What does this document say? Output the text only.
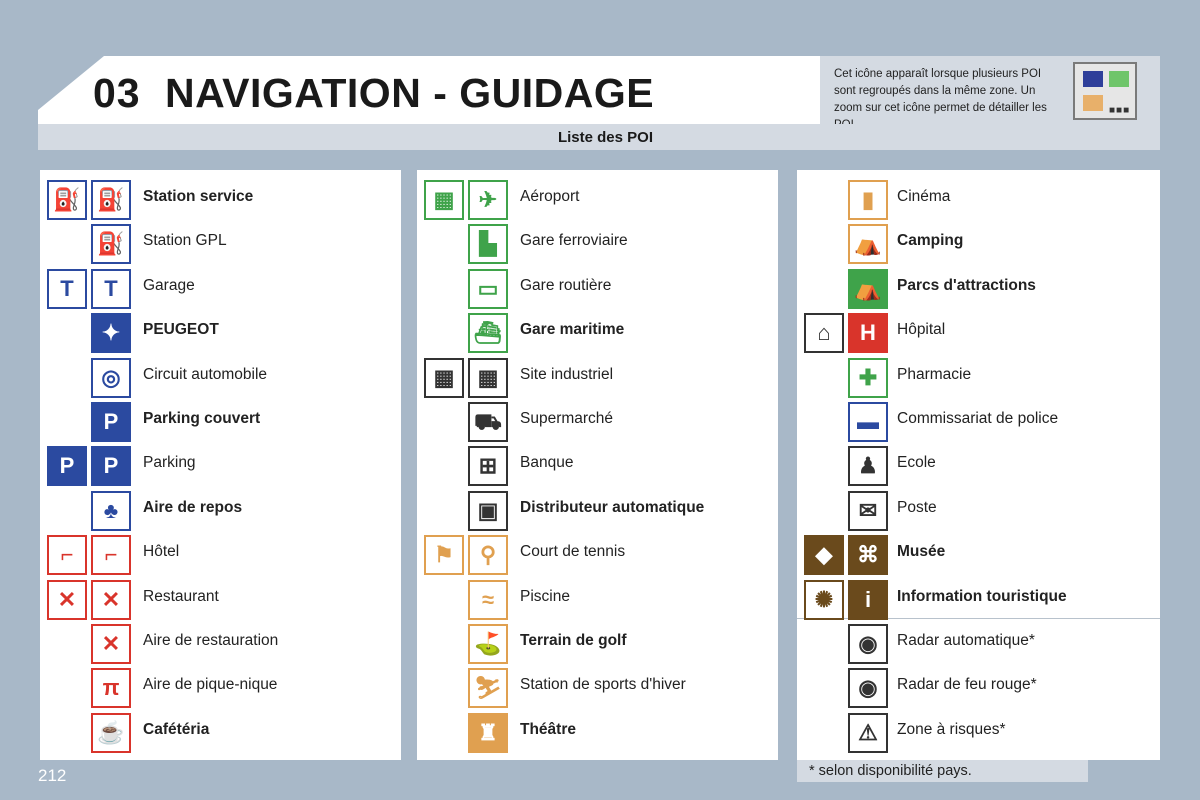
03 NAVIGATION - GUIDAGE	Cet icône apparaît lorsque plusieurs POI sont regroupés dans la même zone. Un zoom sur cet icône permet de détailler les	■■■
Liste des POI
⛽ ⛽ Station service
⛽ Station GPL
T T Garage
✦ PEUGEOT
◎ Circuit automobile
P Parking couvert
P P Parking
♣ Aire de repos
⌐ ⌐ Hôtel
✕ ✕ Restaurant
✕ Aire de restauration
π Aire de pique-nique
☕ Cafétéria
▦ ✈ Aéroport
▙ Gare ferroviaire
▭ Gare routière
⛴ Gare maritime
▦ ▦ Site industriel
⛟ Supermarché
⊞ Banque
▣ Distributeur automatique
⚑ ⚲ Court de tennis
≈ Piscine
⛳ Terrain de golf
⛷ Station de sports d'hiver
♜ Théâtre
▮ Cinéma
⛺ Camping
⛺ Parcs d'attractions
⌂ H Hôpital
✚ Pharmacie
▬ Commissariat de police
♟ Ecole
✉ Poste
◆ ⌘ Musée
✺ i Information touristique
◉ Radar automatique*
◉ Radar de feu rouge*
⚠ Zone à risques*
* selon disponibilité pays.
212
